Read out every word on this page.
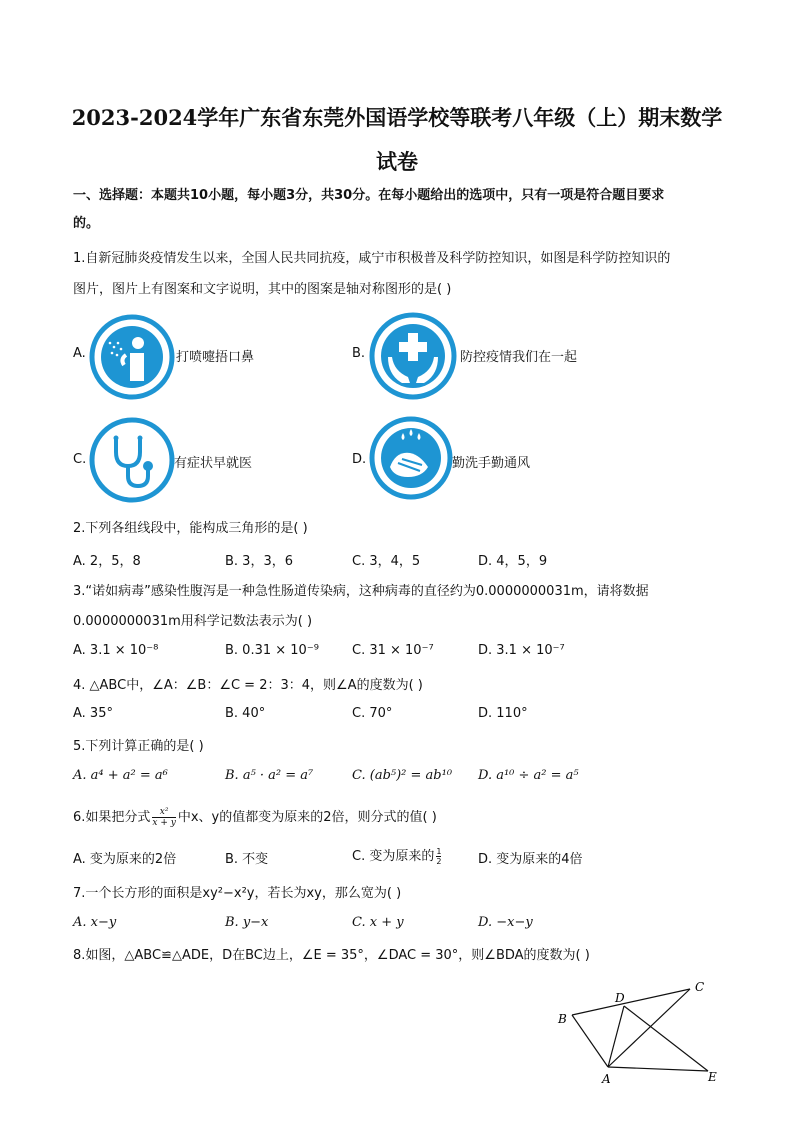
2023-2024学年广东省东莞外国语学校等联考八年级（上）期末数学
试卷
一、选择题：本题共10小题，每小题3分，共30分。在每小题给出的选项中，只有一项是符合题目要求
的。
1.自新冠肺炎疫情发生以来，全国人民共同抗疫，咸宁市积极普及科学防控知识，如图是科学防控知识的
图片，图片上有图案和文字说明，其中的图案是轴对称图形的是( )
A.	打喷嚏捂口鼻	B.	防控疫情我们在一起
C.	有症状早就医	D.	勤洗手勤通风
2.下列各组线段中，能构成三角形的是( )
A. 2，5，8	B. 3，3，6	C. 3，4，5	D. 4，5，9
3.“诺如病毒”感染性腹泻是一种急性肠道传染病，这种病毒的直径约为0.0000000031m，请将数据
0.0000000031m用科学记数法表示为( )
A. 3.1 × 10⁻⁸	B. 0.31 × 10⁻⁹	C. 31 × 10⁻⁷	D. 3.1 × 10⁻⁷
4. △ABC中，∠A：∠B：∠C = 2：3：4，则∠A的度数为( )
A. 35°	B. 40°	C. 70°	D. 110°
5.下列计算正确的是( )
A. a⁴ + a² = a⁶	B. a⁵ · a² = a⁷	C. (ab⁵)² = ab¹⁰ D. a¹⁰ ÷ a² = a⁵
6.如果把分式 $\frac{\text{x²}}{x + y}$ 中x、y的值都变为原来的2倍，则分式的值( )
A. 变为原来的2倍	B. 不变	C. 变为原来的 $\frac{1}{2}$	D. 变为原来的4倍
7.一个长方形的面积是xy²−x²y，若长为xy，那么宽为( )
A. x−y	B. y−x	C. x + y	D. −x−y
8.如图，△ABC≌△ADE，D在BC边上，∠E = 35°，∠DAC = 30°，则∠BDA的度数为( )
B
D
C
A	E
